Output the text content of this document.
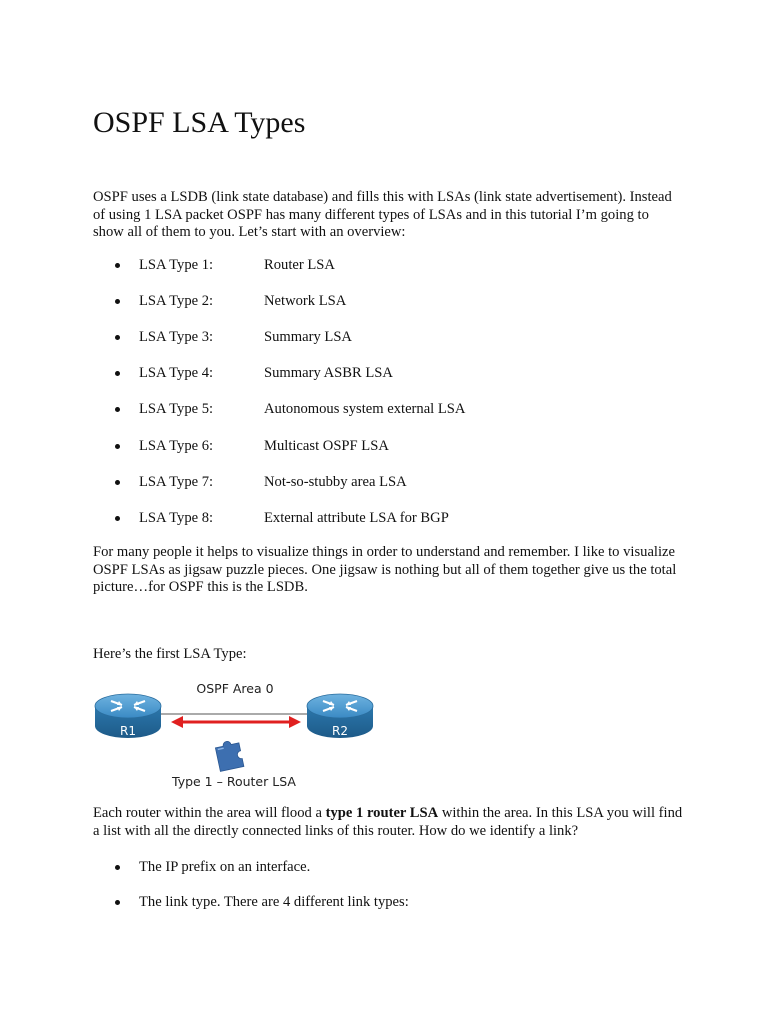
OSPF LSA Types

OSPF uses a LSDB (link state database) and fills this with LSAs (link state advertisement). Instead of using 1 LSA packet OSPF has many different types of LSAs and in this tutorial I’m going to show all of them to you. Let’s start with an overview:

LSA Type 1:	Router LSA
LSA Type 2:	Network LSA
LSA Type 3:	Summary LSA
LSA Type 4:	Summary ASBR LSA
LSA Type 5:	Autonomous system external LSA
LSA Type 6:	Multicast OSPF LSA
LSA Type 7:	Not-so-stubby area LSA
LSA Type 8:	External attribute LSA for BGP

For many people it helps to visualize things in order to understand and remember. I like to visualize OSPF LSAs as jigsaw puzzle pieces. One jigsaw is nothing but all of them together give us the total picture…for OSPF this is the LSDB.

Here’s the first LSA Type:

OSPF Area 0
R1	R2
Type 1 – Router LSA

Each router within the area will flood a type 1 router LSA within the area. In this LSA you will find a list with all the directly connected links of this router. How do we identify a link?

The IP prefix on an interface.
The link type. There are 4 different link types:
